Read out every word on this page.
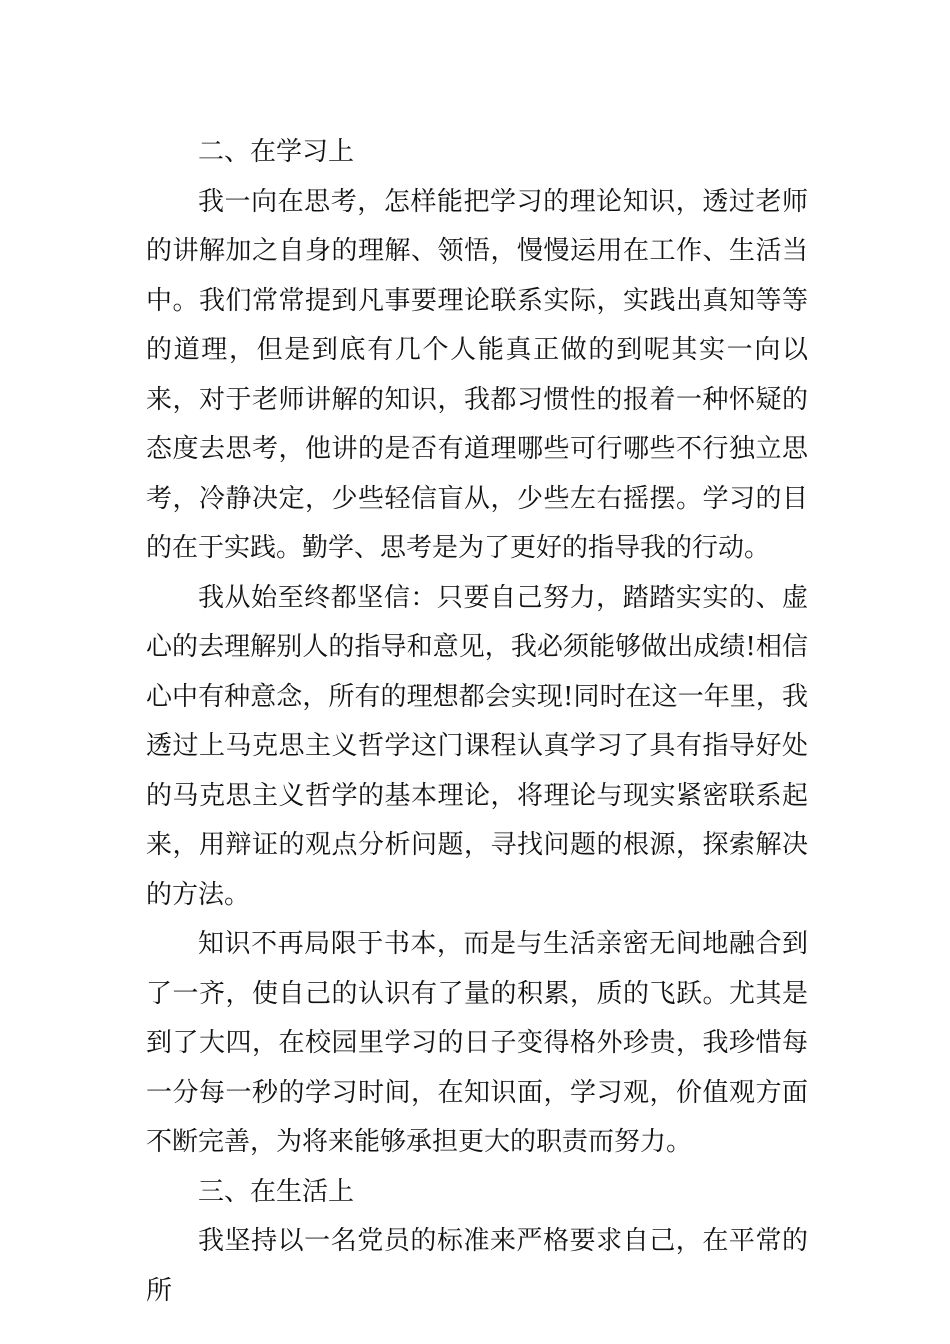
二、在学习上

我一向在思考，怎样能把学习的理论知识，透过老师的讲解加之自身的理解、领悟，慢慢运用在工作、生活当中。我们常常提到凡事要理论联系实际，实践出真知等等的道理，但是到底有几个人能真正做的到呢其实一向以来，对于老师讲解的知识，我都习惯性的报着一种怀疑的态度去思考，他讲的是否有道理哪些可行哪些不行独立思考，冷静决定，少些轻信盲从，少些左右摇摆。学习的目的在于实践。勤学、思考是为了更好的指导我的行动。

我从始至终都坚信：只要自己努力，踏踏实实的、虚心的去理解别人的指导和意见，我必须能够做出成绩!相信心中有种意念，所有的理想都会实现!同时在这一年里，我透过上马克思主义哲学这门课程认真学习了具有指导好处的马克思主义哲学的基本理论，将理论与现实紧密联系起来，用辩证的观点分析问题，寻找问题的根源，探索解决的方法。

知识不再局限于书本，而是与生活亲密无间地融合到了一齐，使自己的认识有了量的积累，质的飞跃。尤其是到了大四，在校园里学习的日子变得格外珍贵，我珍惜每一分每一秒的学习时间，在知识面，学习观，价值观方面不断完善，为将来能够承担更大的职责而努力。

三、在生活上

我坚持以一名党员的标准来严格要求自己，在平常的所
